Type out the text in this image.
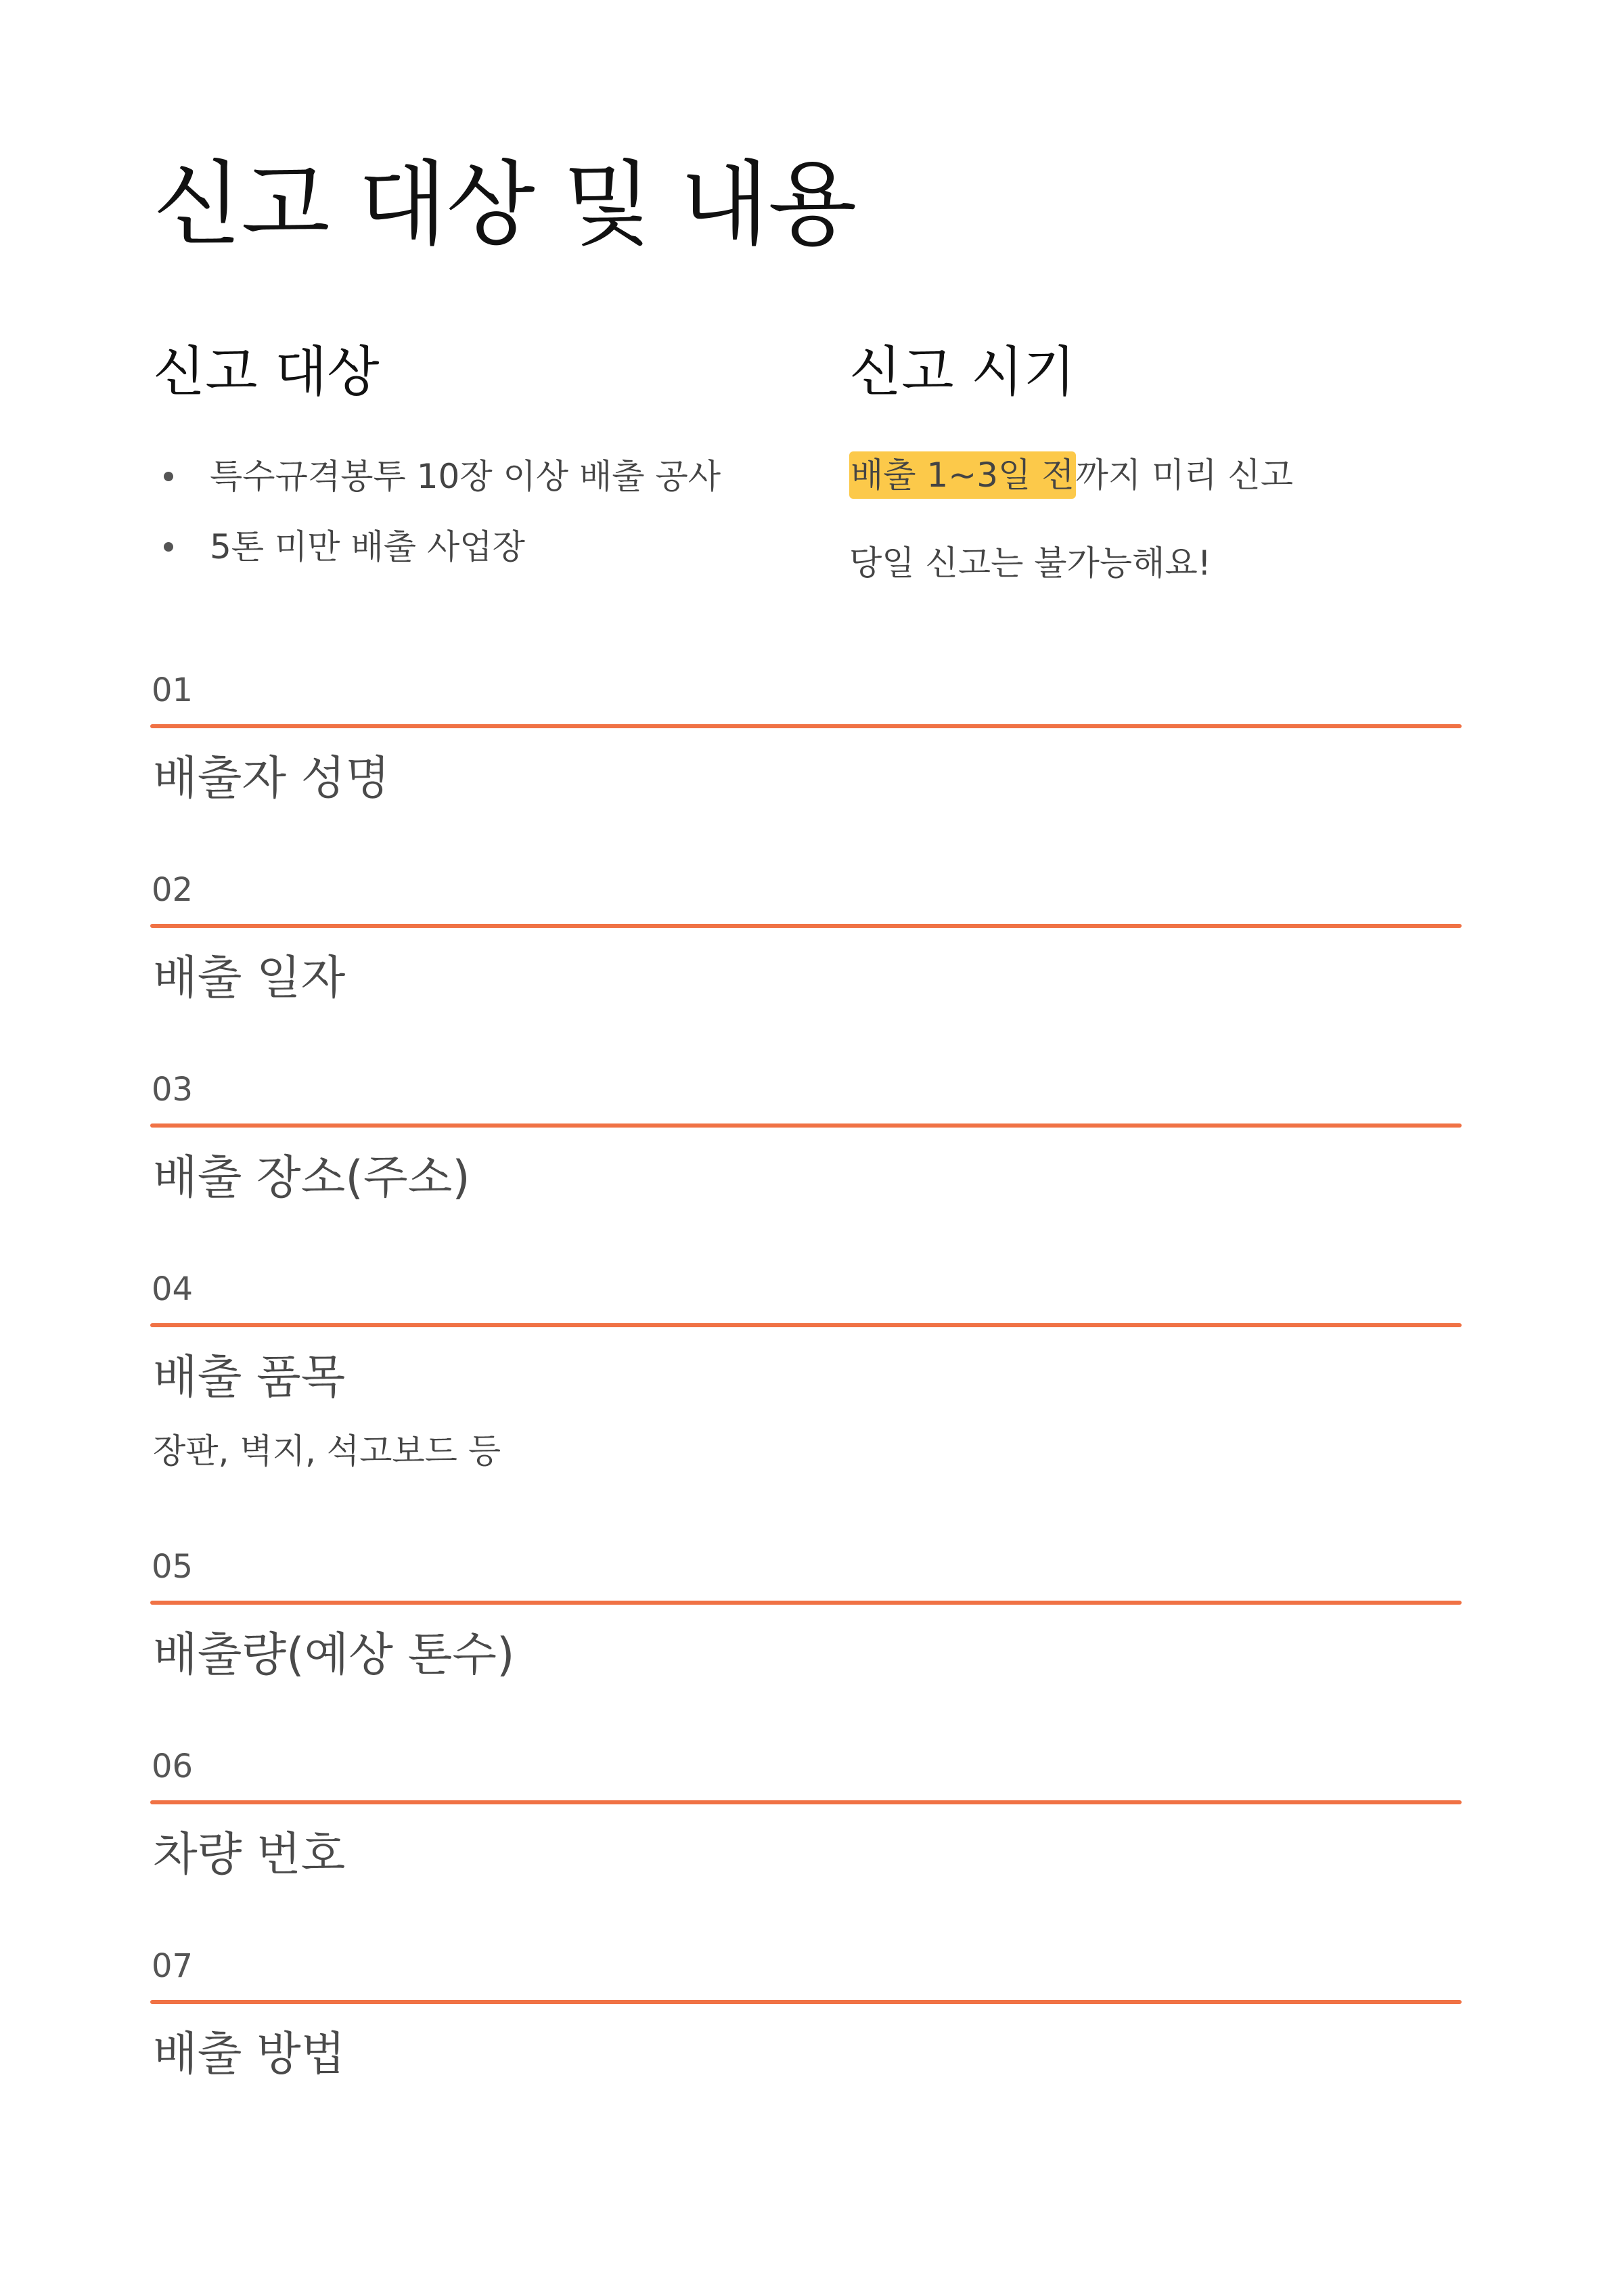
신고 대상 및 내용
신고 대상
특수규격봉투 10장 이상 배출 공사
5톤 미만 배출 사업장
신고 시기

배출 1~3일 전까지 미리 신고

당일 신고는 불가능해요!

01
배출자 성명
02
배출 일자
03
배출 장소(주소)
04
배출 품목
장판, 벽지, 석고보드 등
05
배출량(예상 톤수)
06
차량 번호
07
배출 방법
